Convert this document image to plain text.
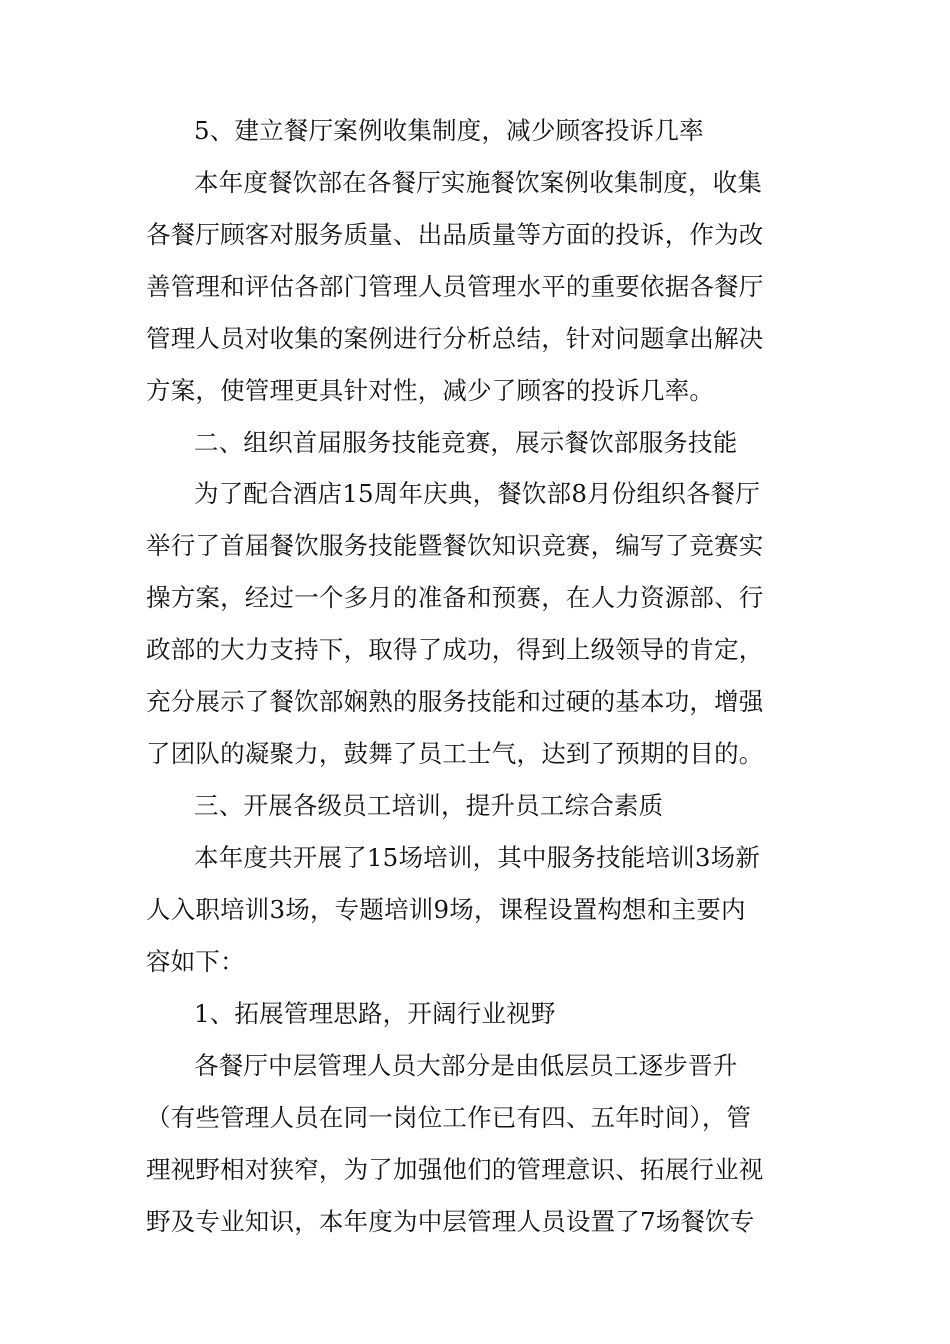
5、建立餐厅案例收集制度，减少顾客投诉几率
本年度餐饮部在各餐厅实施餐饮案例收集制度，收集
各餐厅顾客对服务质量、出品质量等方面的投诉，作为改
善管理和评估各部门管理人员管理水平的重要依据各餐厅
管理人员对收集的案例进行分析总结，针对问题拿出解决
方案，使管理更具针对性，减少了顾客的投诉几率。
二、组织首届服务技能竞赛，展示餐饮部服务技能
为了配合酒店15周年庆典，餐饮部8月份组织各餐厅
举行了首届餐饮服务技能暨餐饮知识竞赛，编写了竞赛实
操方案，经过一个多月的准备和预赛，在人力资源部、行
政部的大力支持下，取得了成功，得到上级领导的肯定，
充分展示了餐饮部娴熟的服务技能和过硬的基本功，增强
了团队的凝聚力，鼓舞了员工士气，达到了预期的目的。
三、开展各级员工培训，提升员工综合素质
本年度共开展了15场培训，其中服务技能培训3场新
人入职培训3场，专题培训9场，课程设置构想和主要内
容如下：
1、拓展管理思路，开阔行业视野
各餐厅中层管理人员大部分是由低层员工逐步晋升
（有些管理人员在同一岗位工作已有四、五年时间），管
理视野相对狭窄，为了加强他们的管理意识、拓展行业视
野及专业知识，本年度为中层管理人员设置了7场餐饮专
